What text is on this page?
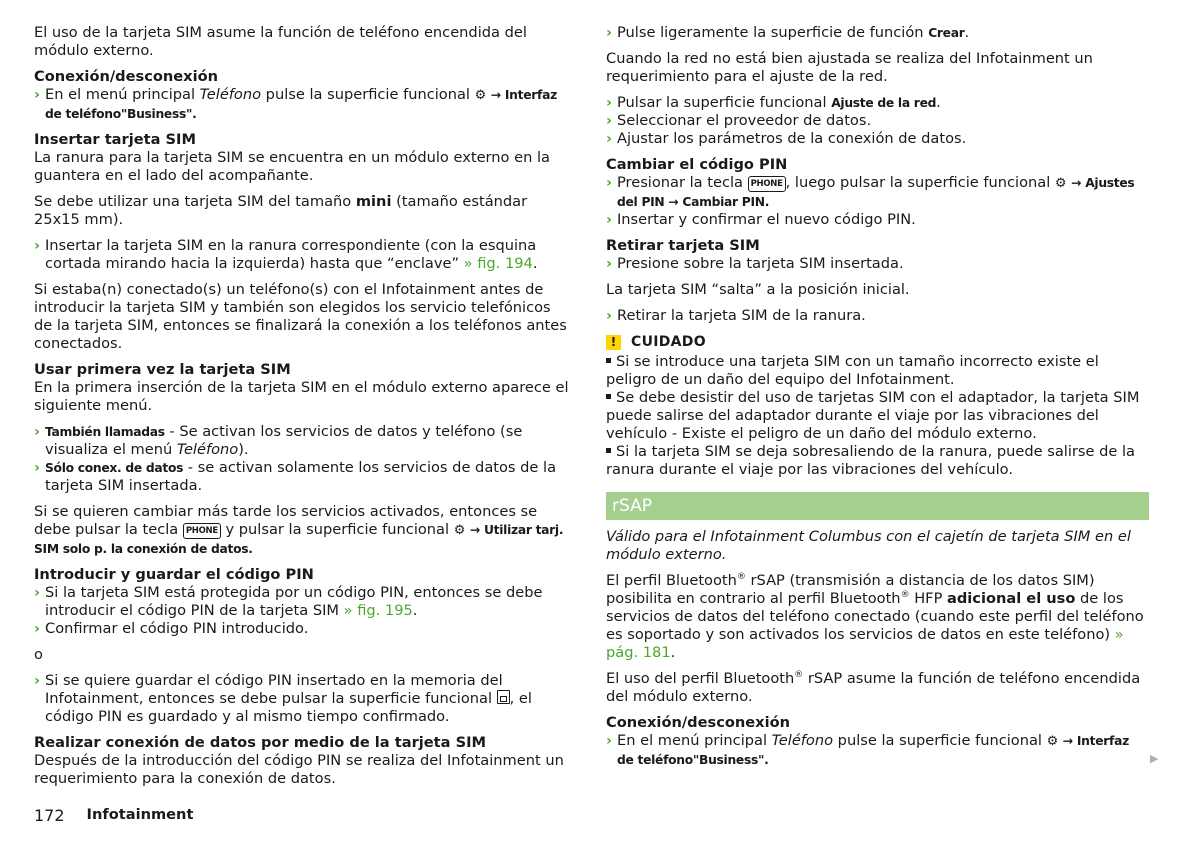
El uso de la tarjeta SIM asume la función de teléfono encendida del módulo externo.

Conexión/desconexión
› En el menú principal Teléfono pulse la superficie funcional ⚙ → Interfaz de teléfono"Business".
Insertar tarjeta SIM

La ranura para la tarjeta SIM se encuentra en un módulo externo en la guantera en el lado del acompañante.

Se debe utilizar una tarjeta SIM del tamaño mini (tamaño estándar 25x15 mm).

› Insertar la tarjeta SIM en la ranura correspondiente (con la esquina cortada mirando hacia la izquierda) hasta que “enclave” » fig. 194.

Si estaba(n) conectado(s) un teléfono(s) con el Infotainment antes de introducir la tarjeta SIM y también son elegidos los servicio telefónicos de la tarjeta SIM, entonces se finalizará la conexión a los teléfonos antes conectados.

Usar primera vez la tarjeta SIM

En la primera inserción de la tarjeta SIM en el módulo externo aparece el siguiente menú.

› También llamadas - Se activan los servicios de datos y teléfono (se visualiza el menú Teléfono).
› Sólo conex. de datos - se activan solamente los servicios de datos de la tarjeta SIM insertada.

Si se quieren cambiar más tarde los servicios activados, entonces se debe pulsar la tecla PHONE y pulsar la superficie funcional ⚙ → Utilizar tarj. SIM solo p. la conexión de datos.

Introducir y guardar el código PIN
› Si la tarjeta SIM está protegida por un código PIN, entonces se debe introducir el código PIN de la tarjeta SIM » fig. 195.
› Confirmar el código PIN introducido.

o

› Si se quiere guardar el código PIN insertado en la memoria del Infotainment, entonces se debe pulsar la superficie funcional , el código PIN es guardado y al mismo tiempo confirmado.
Realizar conexión de datos por medio de la tarjeta SIM

Después de la introducción del código PIN se realiza del Infotainment un requerimiento para la conexión de datos.

› Pulse ligeramente la superficie de función Crear.

Cuando la red no está bien ajustada se realiza del Infotainment un requerimiento para el ajuste de la red.

› Pulsar la superficie funcional Ajuste de la red.
› Seleccionar el proveedor de datos.
› Ajustar los parámetros de la conexión de datos.
Cambiar el código PIN
› Presionar la tecla PHONE , luego pulsar la superficie funcional ⚙ → Ajustes del PIN → Cambiar PIN.
› Insertar y confirmar el nuevo código PIN.
Retirar tarjeta SIM
› Presione sobre la tarjeta SIM insertada.

La tarjeta SIM “salta” a la posición inicial.

› Retirar la tarjeta SIM de la ranura.
!	CUIDADO

Si se introduce una tarjeta SIM con un tamaño incorrecto existe el peligro de un daño del equipo del Infotainment.

Se debe desistir del uso de tarjetas SIM con el adaptador, la tarjeta SIM puede salirse del adaptador durante el viaje por las vibraciones del vehículo - Existe el peligro de un daño del módulo externo.

Si la tarjeta SIM se deja sobresaliendo de la ranura, puede salirse de la ranura durante el viaje por las vibraciones del vehículo.

rSAP

Válido para el Infotainment Columbus con el cajetín de tarjeta SIM en el módulo externo.

El perfil Bluetooth® rSAP (transmisión a distancia de los datos SIM) posibilita en contrario al perfil Bluetooth® HFP adicional el uso de los servicios de datos del teléfono conectado (cuando este perfil del teléfono es soportado y son activados los servicios de datos en este teléfono) » pág. 181.

El uso del perfil Bluetooth® rSAP asume la función de teléfono encendida del módulo externo.

Conexión/desconexión
› En el menú principal Teléfono pulse la superficie funcional ⚙ → Interfaz de teléfono"Business".	▶
172 Infotainment
